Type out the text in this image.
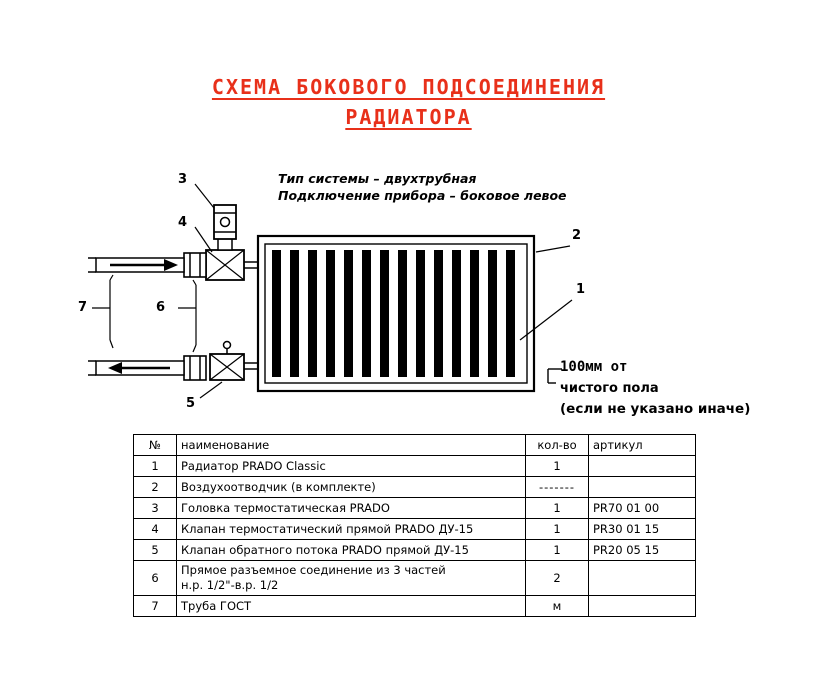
СХЕМА БОКОВОГО ПОДСОЕДИНЕНИЯ
РАДИАТОРА
Тип системы – двухтрубная
Подключение прибора – боковое левое
1
2
3
4
5
6
7
100мм от
чистого пола
(если не указано иначе)
№	наименование	кол-во	артикул
1	Радиатор PRADO Classic	1	
2	Воздухоотводчик (в комплекте)	-------	
3	Головка термостатическая PRADO	1	PR70 01 00
4	Клапан термостатический прямой PRADO ДУ-15	1	PR30 01 15
5	Клапан обратного потока PRADO прямой ДУ-15	1	PR20 05 15
6	Прямое разъемное соединение из 3 частей
н.р. 1/2"-в.р. 1/2	2	
7	Труба ГОСТ	м	
